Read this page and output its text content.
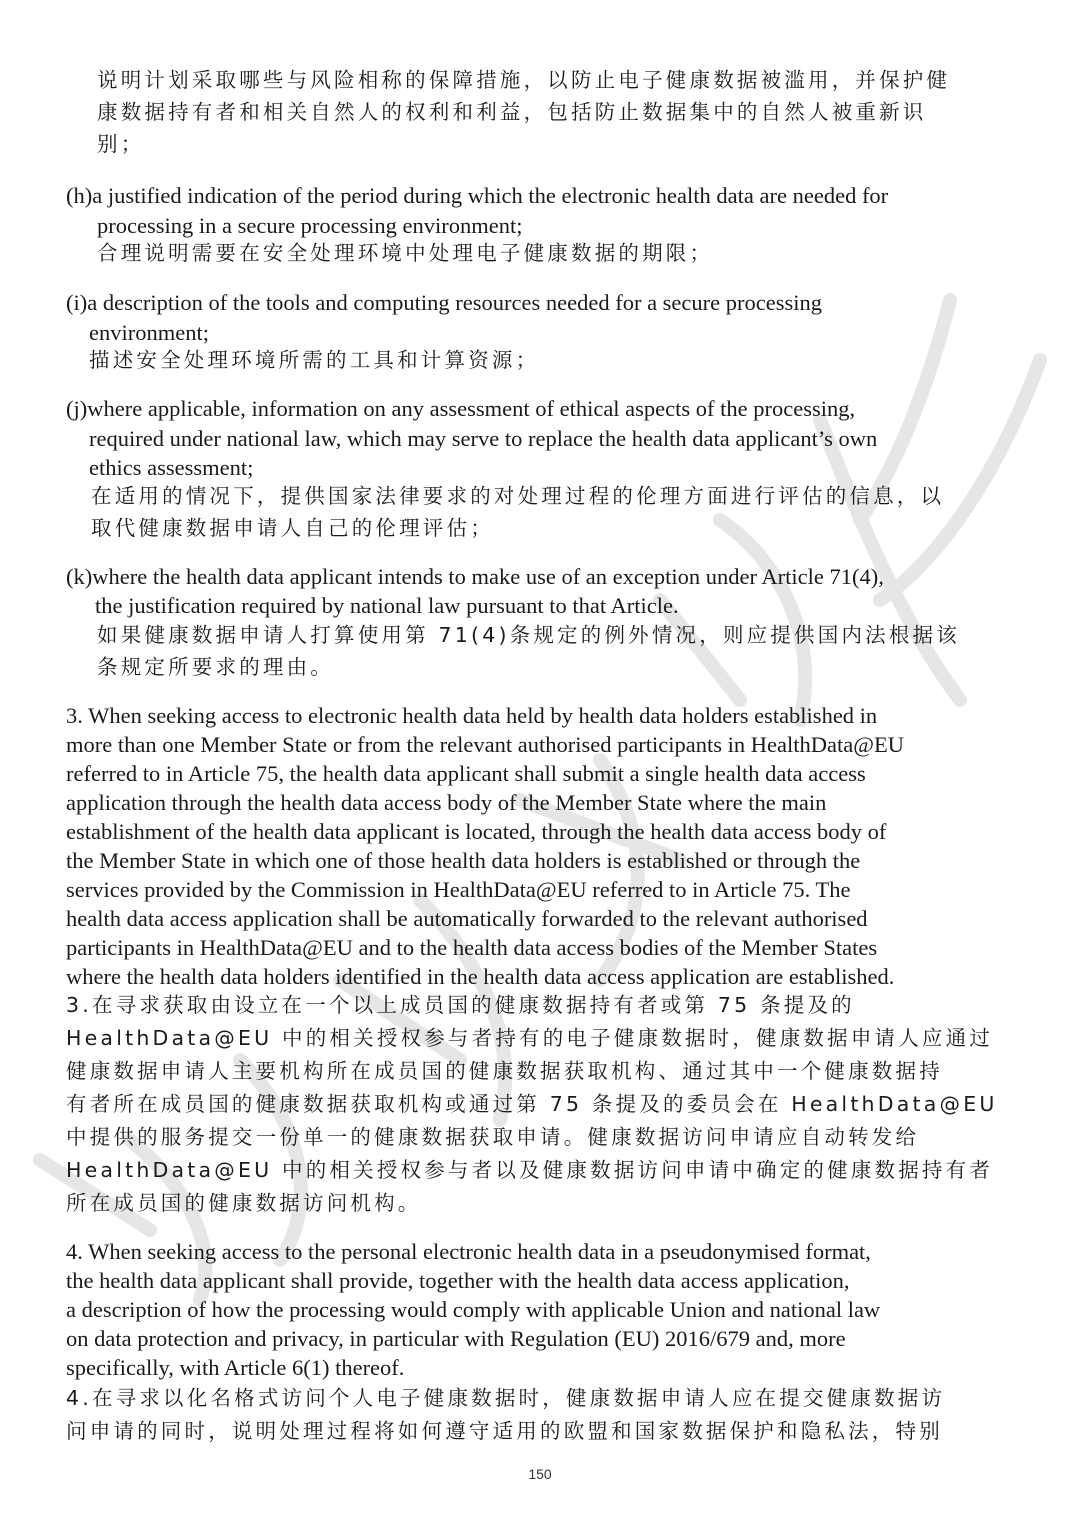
说明计划采取哪些与风险相称的保障措施，以防止电子健康数据被滥用，并保护健
康数据持有者和相关自然人的权利和利益，包括防止数据集中的自然人被重新识
别；
(h)a justified indication of the period during which the electronic health data are needed for
processing in a secure processing environment;
合理说明需要在安全处理环境中处理电子健康数据的期限；
(i)a description of the tools and computing resources needed for a secure processing
environment;
描述安全处理环境所需的工具和计算资源；
(j)where applicable, information on any assessment of ethical aspects of the processing,
required under national law, which may serve to replace the health data applicant’s own
ethics assessment;
在适用的情况下，提供国家法律要求的对处理过程的伦理方面进行评估的信息，以
取代健康数据申请人自己的伦理评估；
(k)where the health data applicant intends to make use of an exception under Article 71(4),
the justification required by national law pursuant to that Article.
如果健康数据申请人打算使用第 71(4)条规定的例外情况，则应提供国内法根据该
条规定所要求的理由。
3. When seeking access to electronic health data held by health data holders established in
more than one Member State or from the relevant authorised participants in HealthData@EU
referred to in Article 75, the health data applicant shall submit a single health data access
application through the health data access body of the Member State where the main
establishment of the health data applicant is located, through the health data access body of
the Member State in which one of those health data holders is established or through the
services provided by the Commission in HealthData@EU referred to in Article 75. The
health data access application shall be automatically forwarded to the relevant authorised
participants in HealthData@EU and to the health data access bodies of the Member States
where the health data holders identified in the health data access application are established.
3.在寻求获取由设立在一个以上成员国的健康数据持有者或第 75 条提及的
HealthData@EU 中的相关授权参与者持有的电子健康数据时，健康数据申请人应通过
健康数据申请人主要机构所在成员国的健康数据获取机构、通过其中一个健康数据持
有者所在成员国的健康数据获取机构或通过第 75 条提及的委员会在 HealthData@EU
中提供的服务提交一份单一的健康数据获取申请。健康数据访问申请应自动转发给
HealthData@EU 中的相关授权参与者以及健康数据访问申请中确定的健康数据持有者
所在成员国的健康数据访问机构。
4. When seeking access to the personal electronic health data in a pseudonymised format,
the health data applicant shall provide, together with the health data access application,
a description of how the processing would comply with applicable Union and national law
on data protection and privacy, in particular with Regulation (EU) 2016/679 and, more
specifically, with Article 6(1) thereof.
4.在寻求以化名格式访问个人电子健康数据时，健康数据申请人应在提交健康数据访
问申请的同时，说明处理过程将如何遵守适用的欧盟和国家数据保护和隐私法，特别
150
